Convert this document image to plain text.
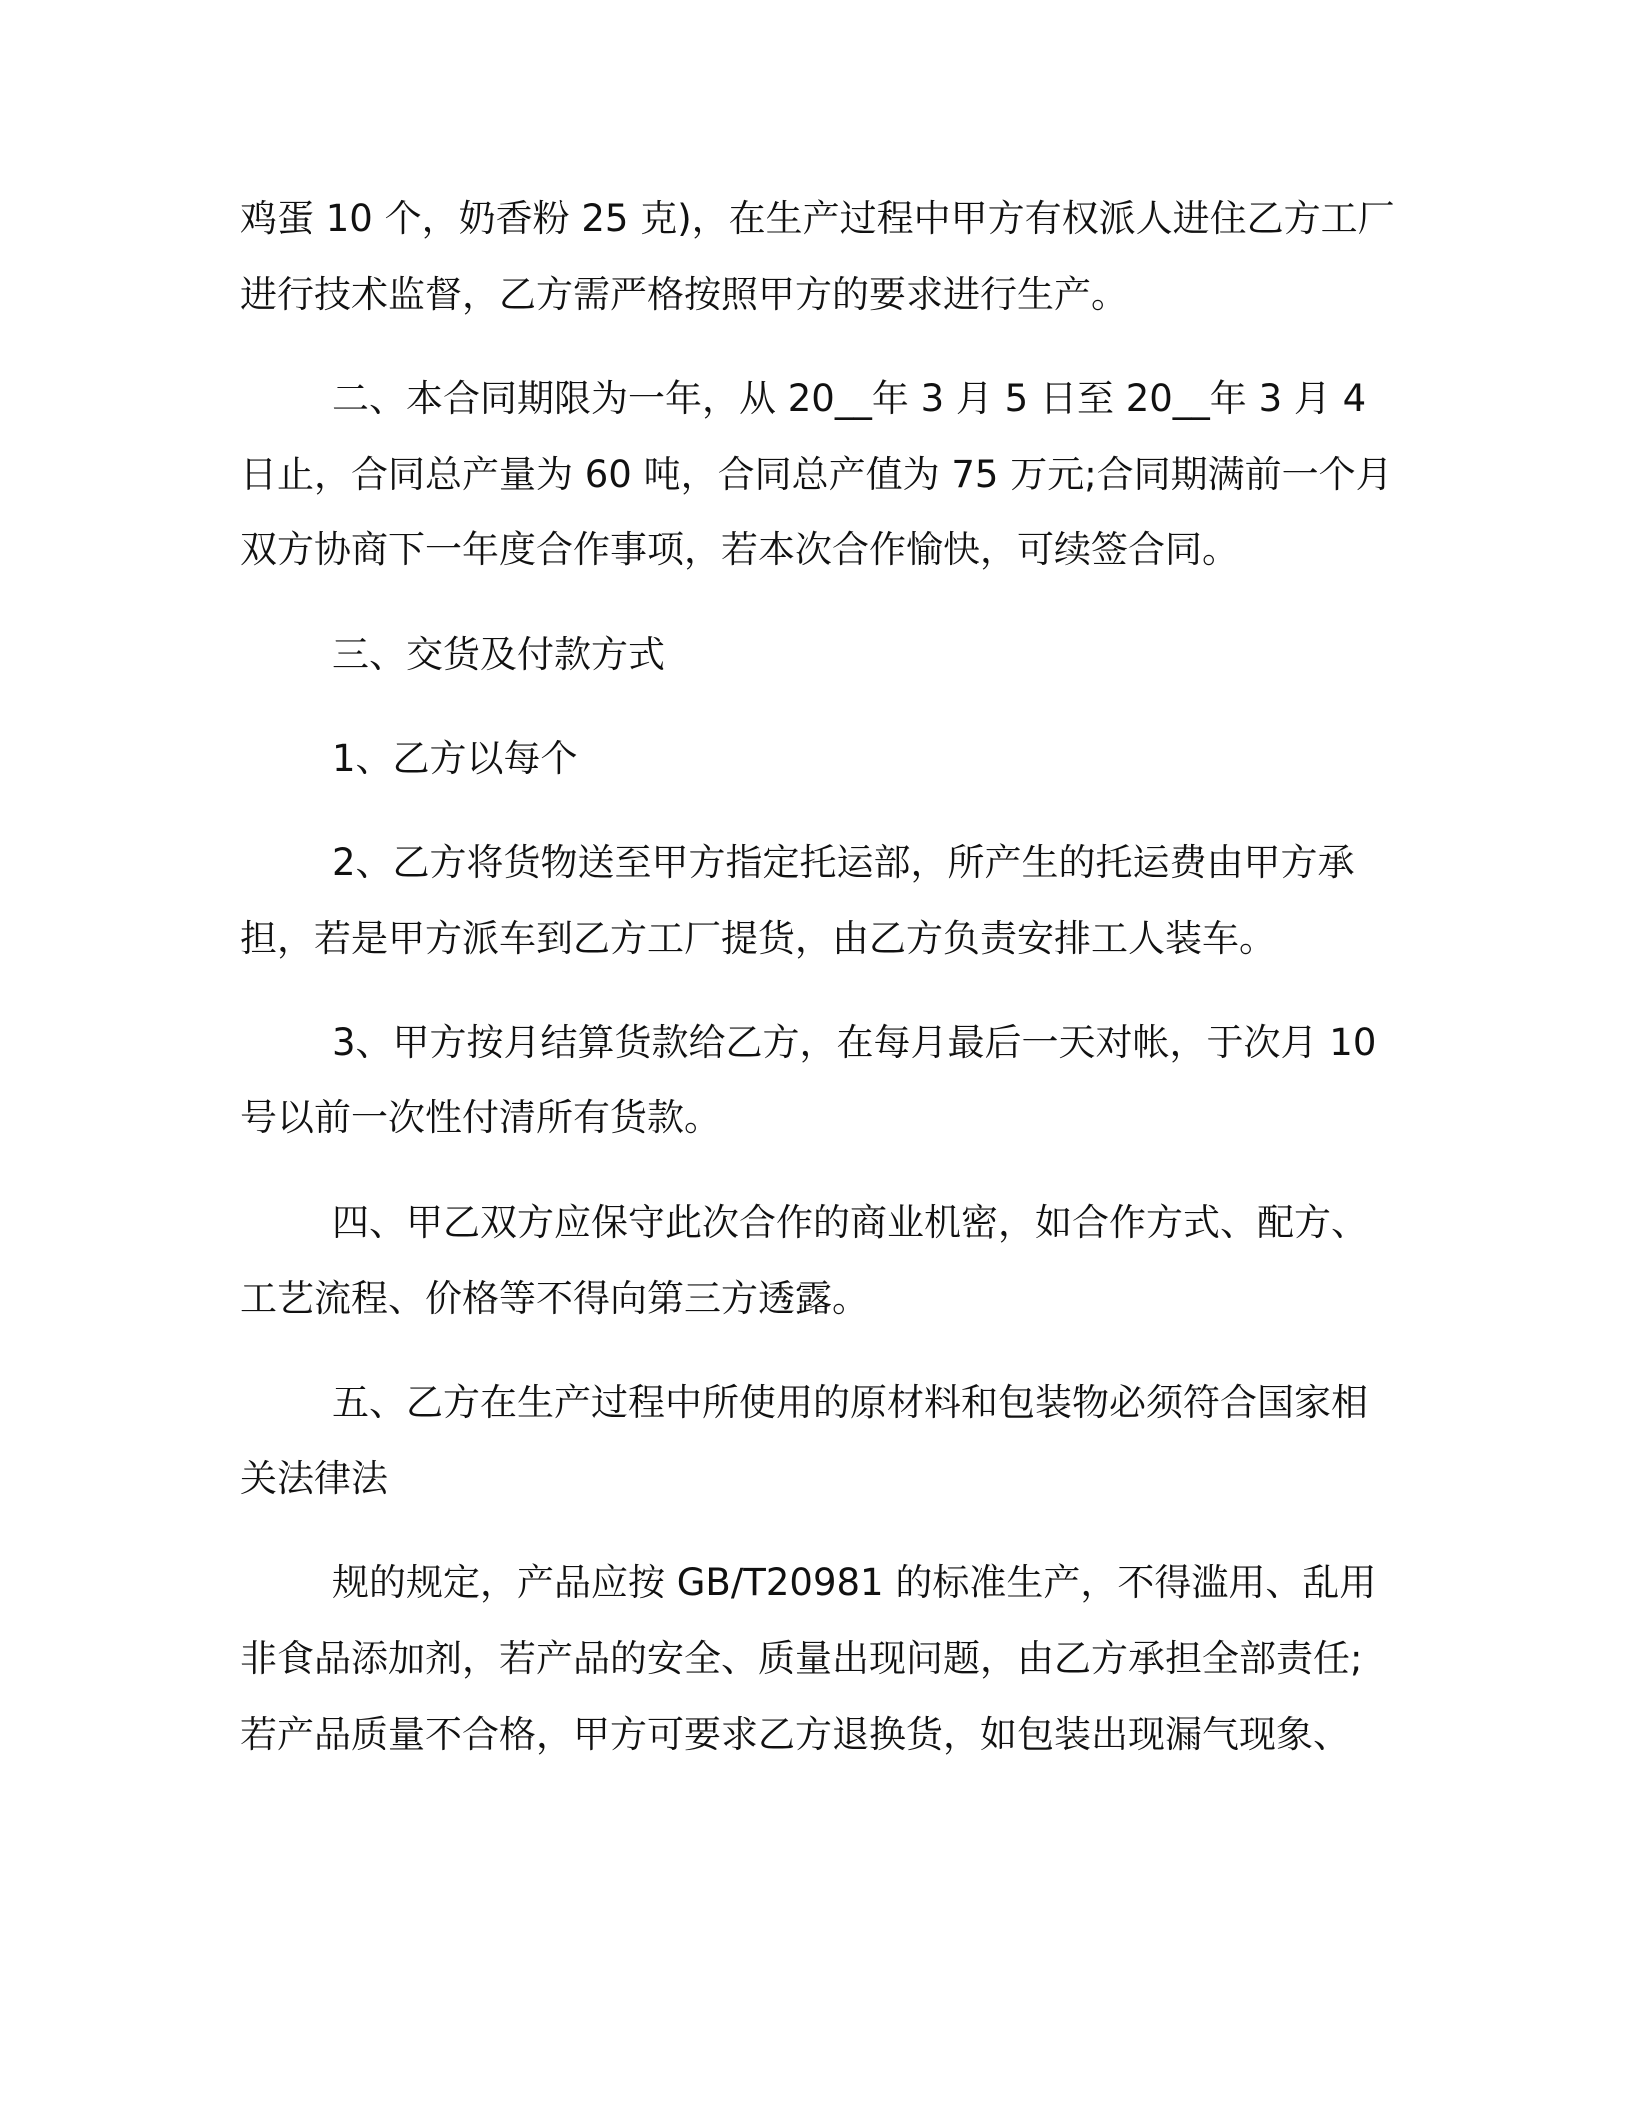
鸡蛋 10 个，奶香粉 25 克)，在生产过程中甲方有权派人进住乙方工厂
进行技术监督，乙方需严格按照甲方的要求进行生产。
二、本合同期限为一年，从 20__年 3 月 5 日至 20__年 3 月 4
日止，合同总产量为 60 吨，合同总产值为 75 万元;合同期满前一个月
双方协商下一年度合作事项，若本次合作愉快，可续签合同。
三、交货及付款方式
1、乙方以每个
2、乙方将货物送至甲方指定托运部，所产生的托运费由甲方承
担，若是甲方派车到乙方工厂提货，由乙方负责安排工人装车。
3、甲方按月结算货款给乙方，在每月最后一天对帐，于次月 10
号以前一次性付清所有货款。
四、甲乙双方应保守此次合作的商业机密，如合作方式、配方、
工艺流程、价格等不得向第三方透露。
五、乙方在生产过程中所使用的原材料和包装物必须符合国家相
关法律法
规的规定，产品应按 GB/T20981 的标准生产，不得滥用、乱用
非食品添加剂，若产品的安全、质量出现问题，由乙方承担全部责任;
若产品质量不合格，甲方可要求乙方退换货，如包装出现漏气现象、
